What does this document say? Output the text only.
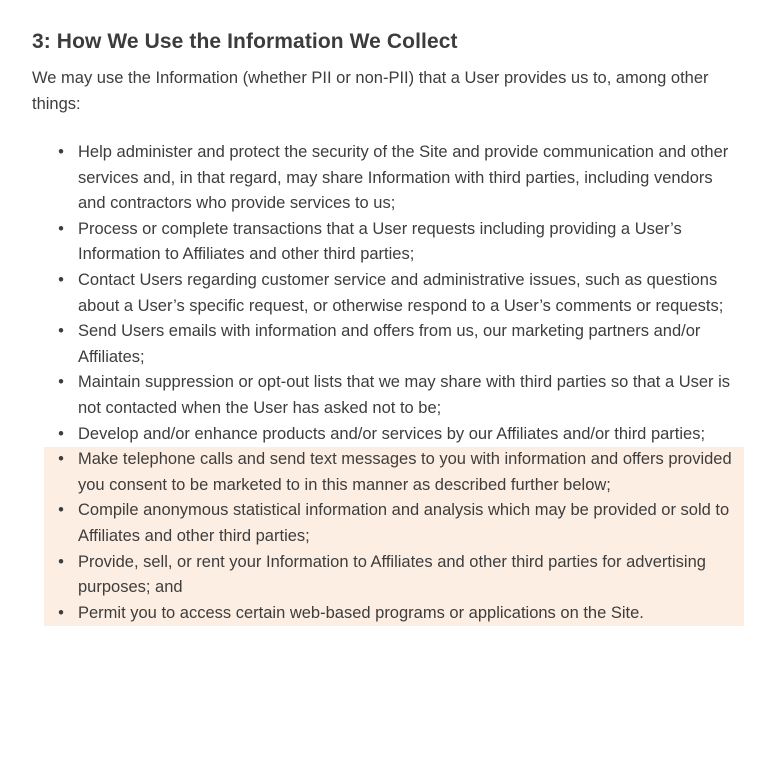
3: How We Use the Information We Collect

We may use the Information (whether PII or non-PII) that a User provides us to, among other things:

• Help administer and protect the security of the Site and provide communication and other services and, in that regard, may share Information with third parties, including vendors and contractors who provide services to us;
• Process or complete transactions that a User requests including providing a User’s Information to Affiliates and other third parties;
• Contact Users regarding customer service and administrative issues, such as questions about a User’s specific request, or otherwise respond to a User’s comments or requests;
• Send Users emails with information and offers from us, our marketing partners and/or Affiliates;
• Maintain suppression or opt-out lists that we may share with third parties so that a User is not contacted when the User has asked not to be;
• Develop and/or enhance products and/or services by our Affiliates and/or third parties;
• Make telephone calls and send text messages to you with information and offers provided you consent to be marketed to in this manner as described further below;
• Compile anonymous statistical information and analysis which may be provided or sold to Affiliates and other third parties;
• Provide, sell, or rent your Information to Affiliates and other third parties for advertising purposes; and
• Permit you to access certain web-based programs or applications on the Site.
